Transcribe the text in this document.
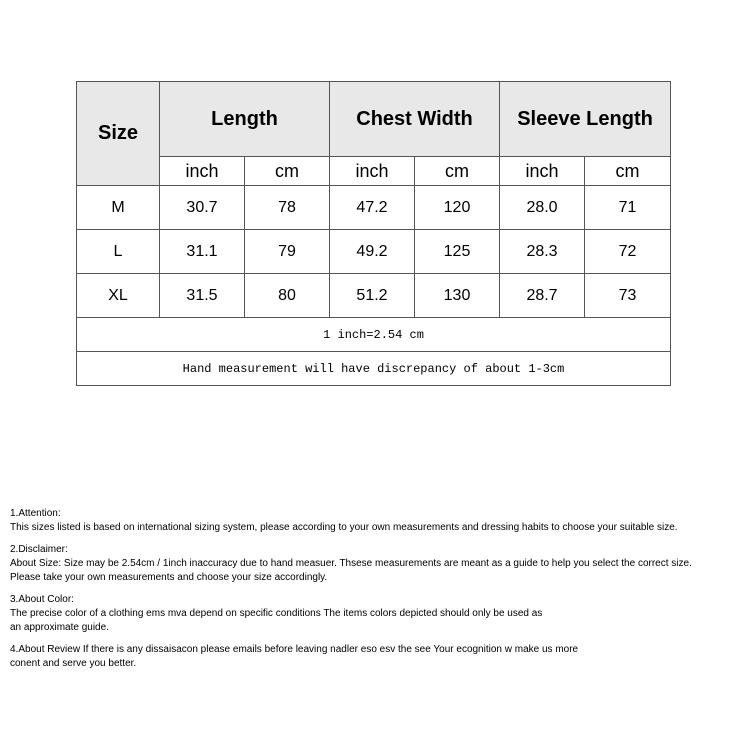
Size	Length		Chest Width		Sleeve Length	
	inch	cm	inch	cm	inch	cm
M	30.7	78	47.2	120	28.0	71
L	31.1	79	49.2	125	28.3	72
XL	31.5	80	51.2	130	28.7	73
1 inch=2.54 cm						
Hand measurement will have discrepancy of about 1-3cm						

1.Attention:

This sizes listed is based on international sizing system, please according to your own measurements and dressing habits to choose your suitable size.

2.Disclaimer:

About Size: Size may be 2.54cm / 1inch inaccuracy due to hand measuer. Thsese measurements are meant as a guide to help you select the correct size.

Please take your own measurements and choose your size accordingly.

3.About Color:

The precise color of a clothing ems mva depend on specific conditions The items colors depicted should only be used as

an approximate guide.

4.About Review If there is any dissaisacon please emails before leaving nadler eso esv the see Your ecognition w make us more

conent and serve you better.
